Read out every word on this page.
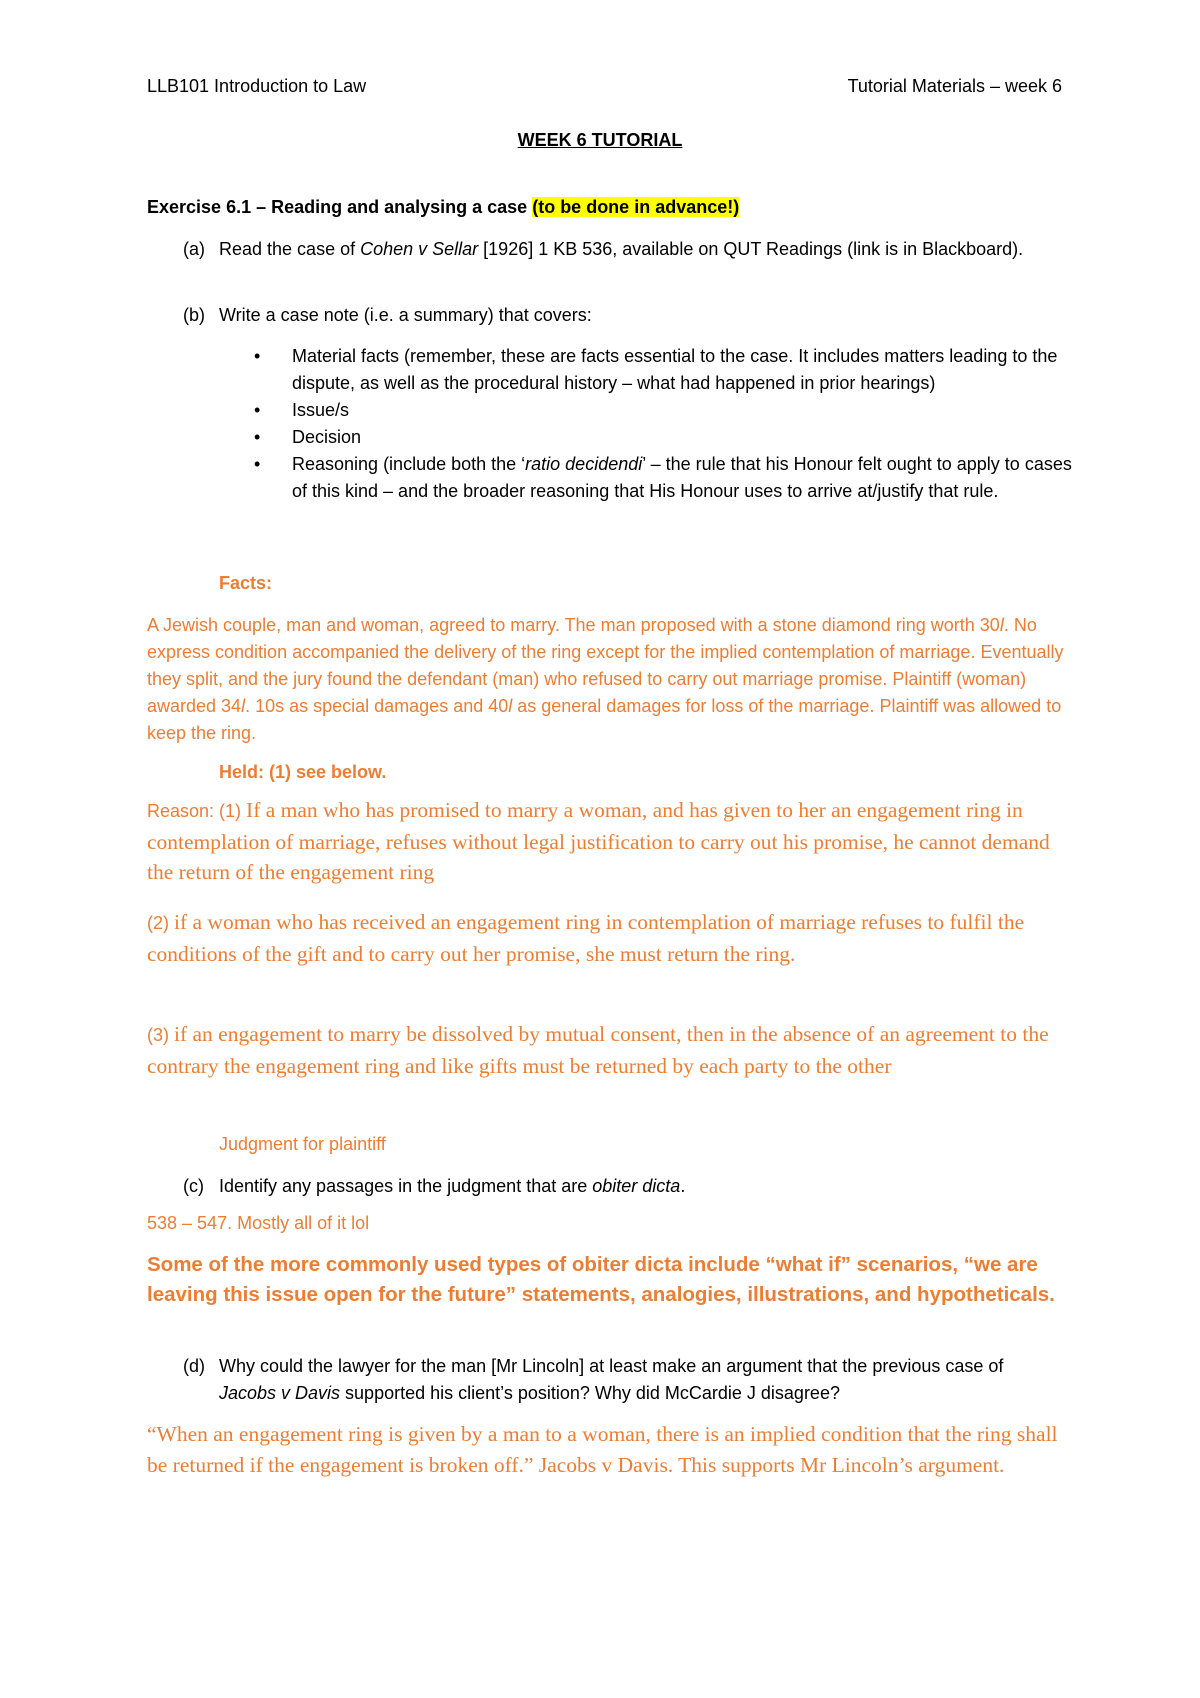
LLB101 Introduction to Law	Tutorial Materials – week 6
WEEK 6 TUTORIAL
Exercise 6.1 – Reading and analysing a case (to be done in advance!)
(a) Read the case of Cohen v Sellar [1926] 1 KB 536, available on QUT Readings (link is in Blackboard).
(b) Write a case note (i.e. a summary) that covers:
• Material facts (remember, these are facts essential to the case. It includes matters leading to the dispute, as well as the procedural history – what had happened in prior hearings)
• Issue/s
• Decision
• Reasoning (include both the ‘ratio decidendi’ – the rule that his Honour felt ought to apply to cases of this kind – and the broader reasoning that His Honour uses to arrive at/justify that rule.
Facts:
A Jewish couple, man and woman, agreed to marry. The man proposed with a stone diamond ring worth 30l. No express condition accompanied the delivery of the ring except for the implied contemplation of marriage. Eventually they split, and the jury found the defendant (man) who refused to carry out marriage promise. Plaintiff (woman) awarded 34l. 10s as special damages and 40l as general damages for loss of the marriage. Plaintiff was allowed to keep the ring.
Held: (1) see below.
Reason: (1) If a man who has promised to marry a woman, and has given to her an engagement ring in contemplation of marriage, refuses without legal justification to carry out his promise, he cannot demand the return of the engagement ring
(2) if a woman who has received an engagement ring in contemplation of marriage refuses to fulfil the conditions of the gift and to carry out her promise, she must return the ring.
(3) if an engagement to marry be dissolved by mutual consent, then in the absence of an agreement to the contrary the engagement ring and like gifts must be returned by each party to the other
Judgment for plaintiff
(c) Identify any passages in the judgment that are obiter dicta.
538 – 547. Mostly all of it lol
Some of the more commonly used types of obiter dicta include “what if” scenarios, “we are leaving this issue open for the future” statements, analogies, illustrations, and hypotheticals.
(d) Why could the lawyer for the man [Mr Lincoln] at least make an argument that the previous case of Jacobs v Davis supported his client’s position? Why did McCardie J disagree?
“When an engagement ring is given by a man to a woman, there is an implied condition that the ring shall be returned if the engagement is broken off.” Jacobs v Davis. This supports Mr Lincoln’s argument.
